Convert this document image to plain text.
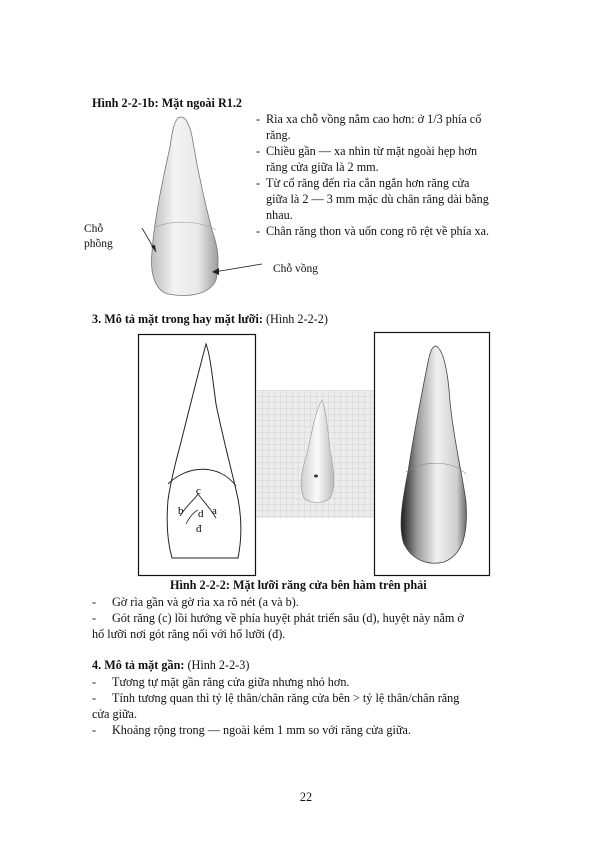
Hình 2-2-1b: Mặt ngoài R1.2
Chỗ
phồng
Chỗ vồng
- Rìa xa chỗ vồng nằm cao hơn: ở 1/3 phía cổ
răng.
- Chiều gần — xa nhìn từ mặt ngoài hẹp hơn
răng cửa giữa là 2 mm.
- Từ cổ răng đến rìa cắn ngắn hơn răng cửa
giữa là 2 — 3 mm mặc dù chân răng dài bằng
nhau.
- Chân răng thon và uốn cong rõ rệt về phía xa.
3. Mô tả mặt trong hay mặt lưỡi: (Hình 2-2-2)
c
b	a
d
đ
Hình 2-2-2: Mặt lưỡi răng cửa bên hàm trên phải
- Gờ rìa gần và gờ rìa xa rõ nét (a và b).
- Gót răng (c) lồi hướng về phía huyệt phát triển sâu (d), huyệt này nằm ở
hố lưỡi nơi gót răng nối với hố lưỡi (đ).
4. Mô tả mặt gần: (Hình 2-2-3)
- Tương tự mặt gần răng cửa giữa nhưng nhỏ hơn.
- Tính tương quan thì tỷ lệ thân/chân răng cửa bên > tỷ lệ thân/chân răng
cửa giữa.
- Khoảng rộng trong — ngoài kém 1 mm so với răng cửa giữa.
22
